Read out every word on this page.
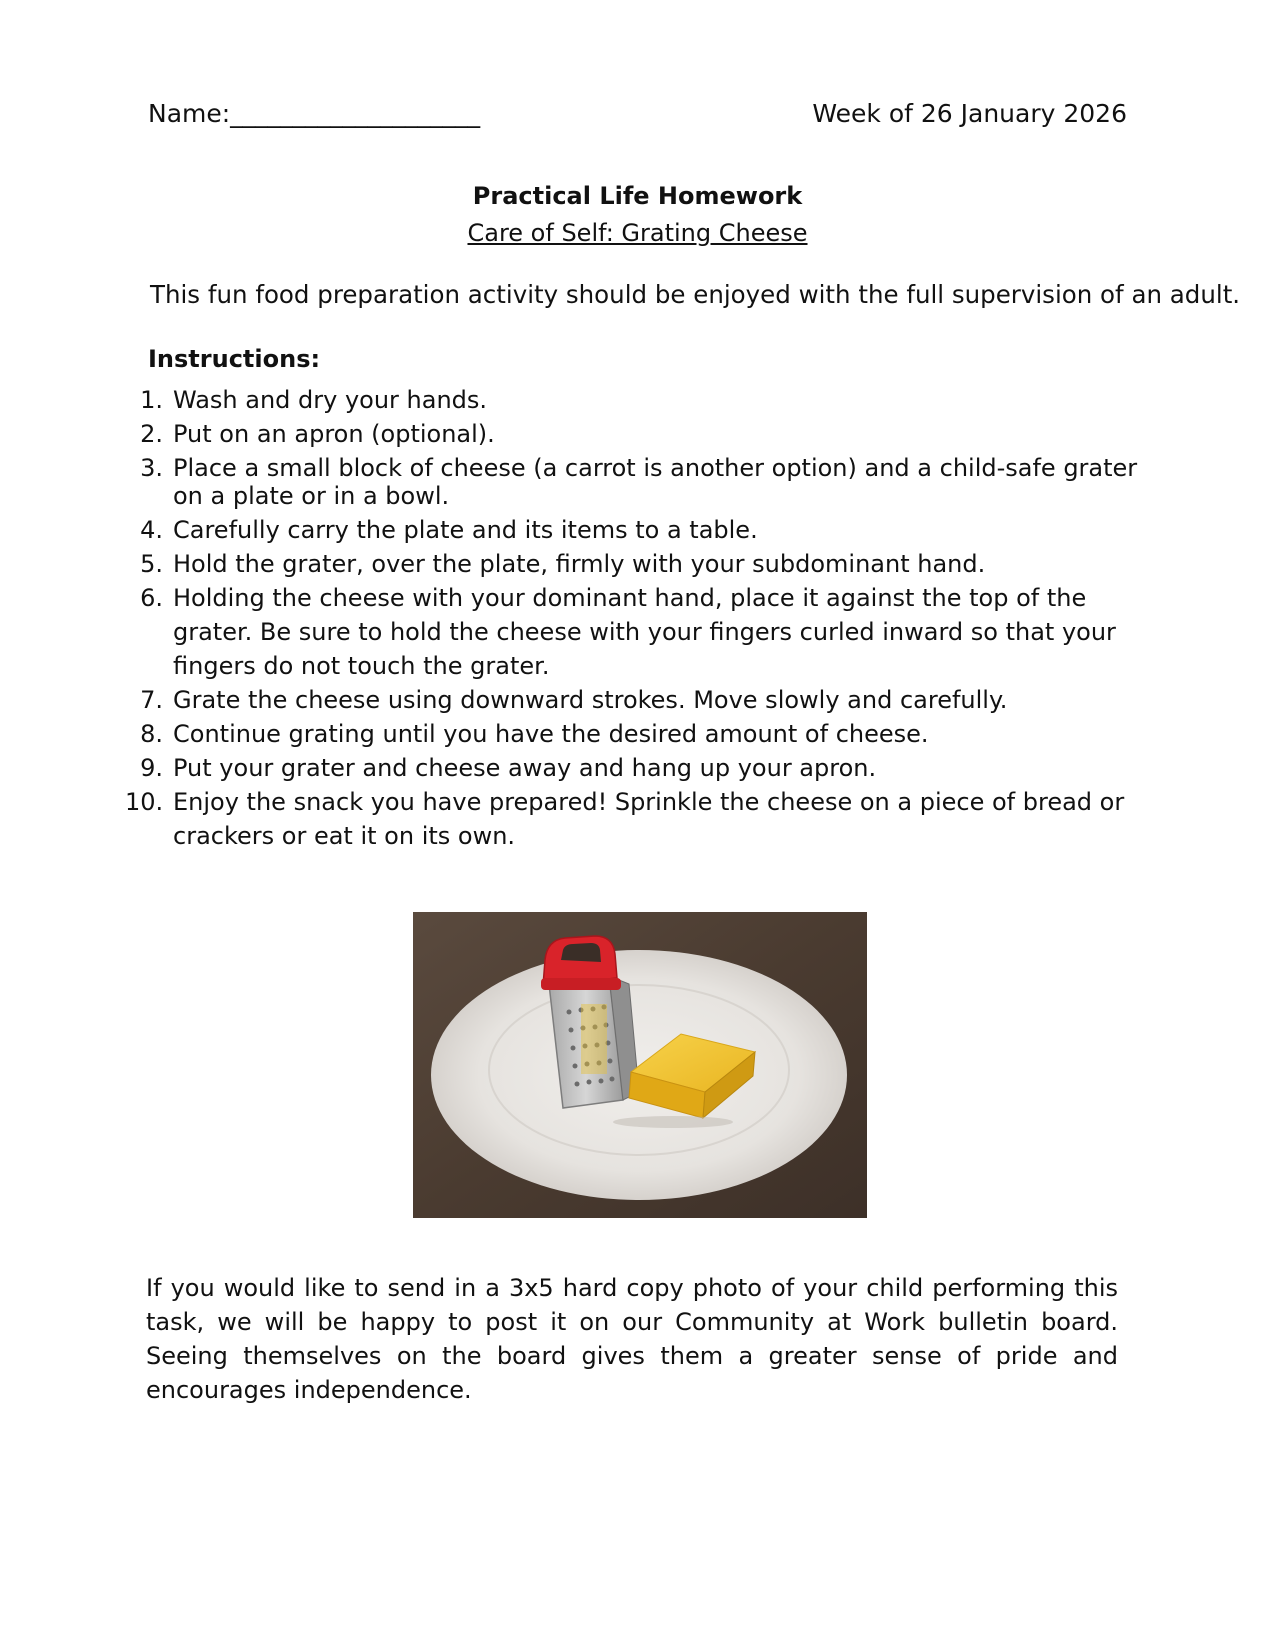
Name:____________________	Week of 26 January 2026
Practical Life Homework
Care of Self: Grating Cheese
This fun food preparation activity should be enjoyed with the full supervision of an adult.
Instructions:
1. Wash and dry your hands.
2. Put on an apron (optional).
3. Place a small block of cheese (a carrot is another option) and a child-safe grater on a plate or in a bowl.
4. Carefully carry the plate and its items to a table.
5. Hold the grater, over the plate, firmly with your subdominant hand.
6. Holding the cheese with your dominant hand, place it against the top of the grater. Be sure to hold the cheese with your fingers curled inward so that your fingers do not touch the grater.
7. Grate the cheese using downward strokes. Move slowly and carefully.
8. Continue grating until you have the desired amount of cheese.
9. Put your grater and cheese away and hang up your apron.
10. Enjoy the snack you have prepared! Sprinkle the cheese on a piece of bread or crackers or eat it on its own.
If you would like to send in a 3x5 hard copy photo of your child performing this task, we will be happy to post it on our Community at Work bulletin board. Seeing themselves on the board gives them a greater sense of pride and encourages independence.
